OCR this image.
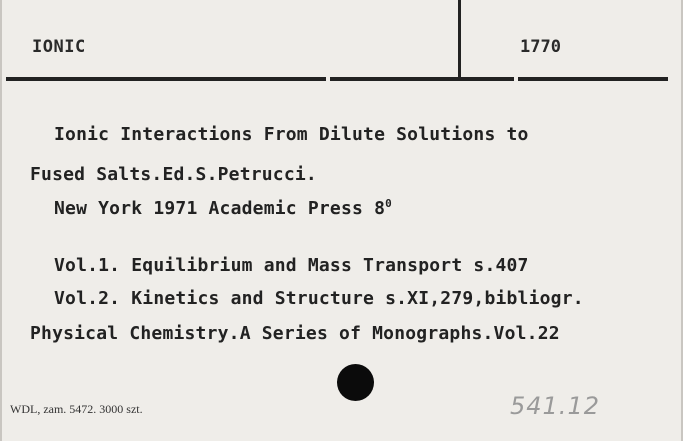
IONIC	1770
Ionic Interactions From Dilute Solutions to
Fused Salts.Ed.S.Petrucci.
New York 1971 Academic Press $8^0$
Vol.1. Equilibrium and Mass Transport s.407
Vol.2. Kinetics and Structure s.XI,279,bibliogr.
Physical Chemistry.A Series of Monographs.Vol.22
WDL, zam. 5472. 3000 szt.	541.12
